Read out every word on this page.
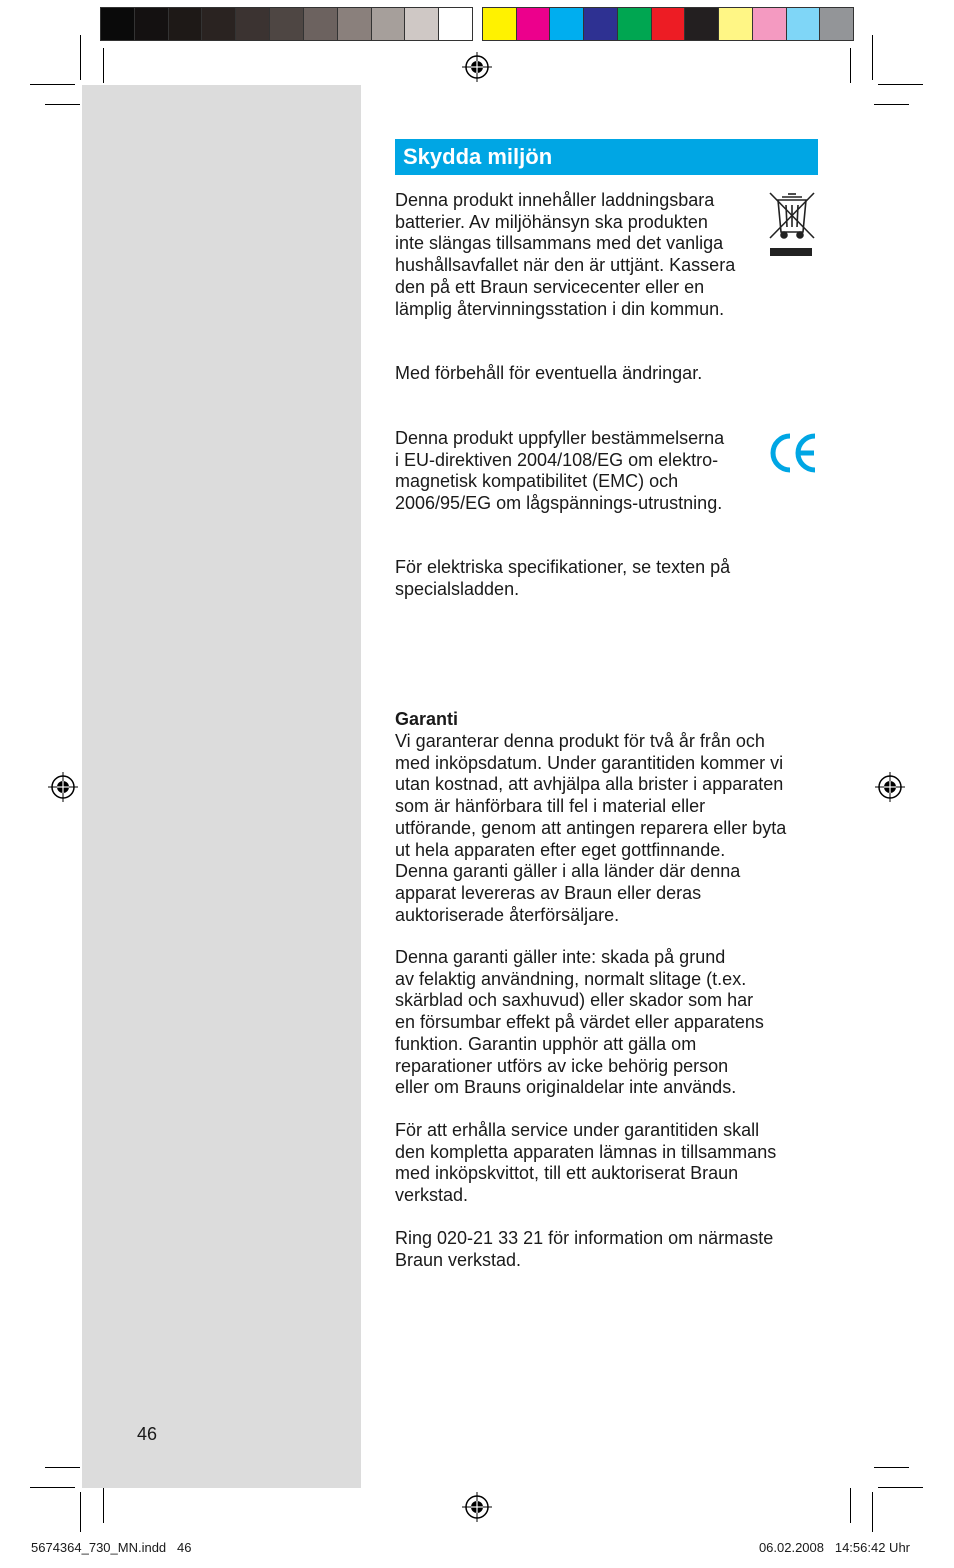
Skydda miljön
Denna produkt innehåller laddningsbara
batterier. Av miljöhänsyn ska produkten
inte slängas tillsammans med det vanliga
hushållsavfallet när den är uttjänt. Kassera
den på ett Braun servicecenter eller en
lämplig återvinningsstation i din kommun.
Med förbehåll för eventuella ändringar.
Denna produkt uppfyller bestämmelserna
i EU-direktiven 2004/108/EG om elektro-
magnetisk kompatibilitet (EMC) och
2006/95/EG om lågspännings-utrustning.
För elektriska specifikationer, se texten på
specialsladden.
Garanti
Vi garanterar denna produkt för två år från och
med inköpsdatum. Under garantitiden kommer vi
utan kostnad, att avhjälpa alla brister i apparaten
som är hänförbara till fel i material eller
utförande, genom att antingen reparera eller byta
ut hela apparaten efter eget gottfinnande.
Denna garanti gäller i alla länder där denna
apparat levereras av Braun eller deras
auktoriserade återförsäljare.
Denna garanti gäller inte: skada på grund
av felaktig användning, normalt slitage (t.ex.
skärblad och saxhuvud) eller skador som har
en försumbar effekt på värdet eller apparatens
funktion. Garantin upphör att gälla om
reparationer utförs av icke behörig person
eller om Brauns originaldelar inte används.
För att erhålla service under garantitiden skall
den kompletta apparaten lämnas in tillsammans
med inköpskvittot, till ett auktoriserat Braun
verkstad.
Ring 020-21 33 21 för information om närmaste
Braun verkstad.
46
5674364_730_MN.indd   46	06.02.2008   14:56:42 Uhr
